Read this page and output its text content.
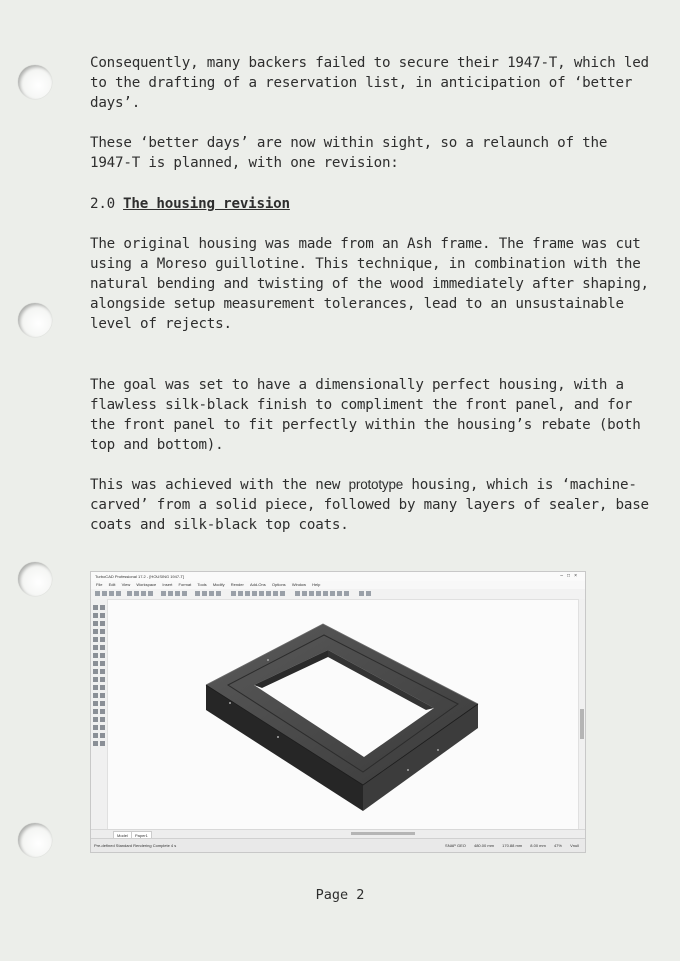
Consequently, many backers failed to secure their 1947-T, which led to the drafting of a reservation list, in anticipation of ‘better days’.

These ‘better days’ are now within sight, so a relaunch of the 1947-T is planned, with one revision:

2.0 The housing revision

The original housing was made from an Ash frame. The frame was cut using a Moreso guillotine. This technique, in combination with the natural bending and twisting of the wood immediately after shaping, alongside setup measurement tolerances, lead to an unsustainable level of rejects.

The goal was set to have a dimensionally perfect housing, with a flawless silk-black finish to compliment the front panel, and for the front panel to fit perfectly within the housing’s rebate (both top and bottom).

This was achieved with the new prototype housing, which is ‘machine-carved’ from a solid piece, followed by many layers of sealer, base coats and silk-black top coats.

TurboCAD Professional 17.2 - [HOUSING 1947-T]	–□×
File Edit View Workspace Insert Format Tools Modify Render Add-Ons Options Window Help
Model	Paper1
Pre-defined Standard Rendering Complete 4 s	SNAP GEO 480.00 mm 170.88 mm 8.00 mm 47% Vnull
Page 2
